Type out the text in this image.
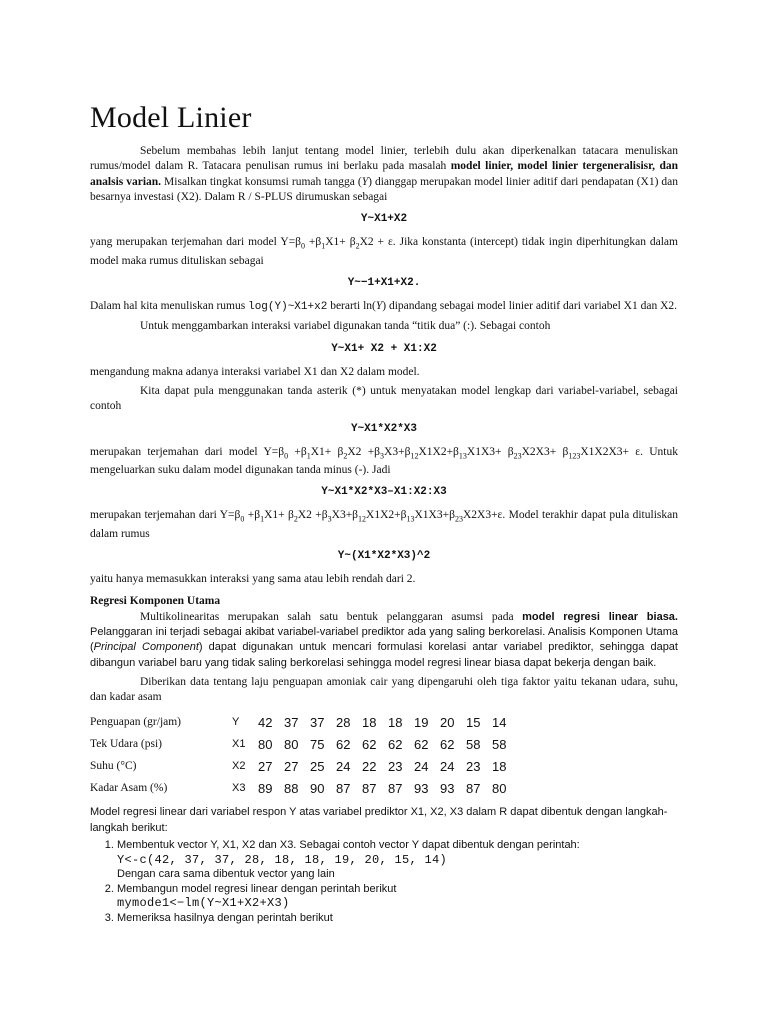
Model Linier

Sebelum membahas lebih lanjut tentang model linier, terlebih dulu akan diperkenalkan tatacara menuliskan rumus/model dalam R. Tatacara penulisan rumus ini berlaku pada masalah model linier, model linier tergeneralisisr, dan analsis varian. Misalkan tingkat konsumsi rumah tangga (Y) dianggap merupakan model linier aditif dari pendapatan (X1) dan besarnya investasi (X2). Dalam R / S-PLUS dirumuskan sebagai

Y~X1+X2

yang merupakan terjemahan dari model $Y=\beta_0 +\beta_1X1+ \beta_2X2 + \varepsilon$. Jika konstanta (intercept) tidak ingin diperhitungkan dalam model maka rumus dituliskan sebagai

Y~−1+X1+X2.

Dalam hal kita menuliskan rumus log(Y)~X1+x2 berarti ln(Y) dipandang sebagai model linier aditif dari variabel X1 dan X2.

Untuk menggambarkan interaksi variabel digunakan tanda “titik dua” (:). Sebagai contoh

Y~X1+ X2 + X1:X2

mengandung makna adanya interaksi variabel X1 dan X2 dalam model.

Kita dapat pula menggunakan tanda asterik (*) untuk menyatakan model lengkap dari variabel-variabel, sebagai contoh

Y~X1*X2*X3

merupakan terjemahan dari model $Y=\beta_0 +\beta_1X1+ \beta_2X2 +\beta_3X3+\beta_{12}X1X2+\beta_{13}X1X3+ \beta_{23}X2X3+ \beta_{123}X1X2X3+ \varepsilon$. Untuk mengeluarkan suku dalam model digunakan tanda minus (-). Jadi

Y~X1*X2*X3–X1:X2:X3

merupakan terjemahan dari $Y=\beta_0 +\beta_1X1+ \beta_2X2 +\beta_3X3+\beta_{12}X1X2+\beta_{13}X1X3+\beta_{23}X2X3+\varepsilon$. Model terakhir dapat pula dituliskan dalam rumus

Y~(X1*X2*X3)^2

yaitu hanya memasukkan interaksi yang sama atau lebih rendah dari 2.

Regresi Komponen Utama

Multikolinearitas merupakan salah satu bentuk pelanggaran asumsi pada model regresi linear biasa. Pelanggaran ini terjadi sebagai akibat variabel-variabel prediktor ada yang saling berkorelasi. Analisis Komponen Utama (Principal Component) dapat digunakan untuk mencari formulasi korelasi antar variabel prediktor, sehingga dapat dibangun variabel baru yang tidak saling berkorelasi sehingga model regresi linear biasa dapat bekerja dengan baik.

Diberikan data tentang laju penguapan amoniak cair yang dipengaruhi oleh tiga faktor yaitu tekanan udara, suhu, dan kadar asam

Penguapan (gr/jam)	Y	42	37	37	28	18	18	19	20	15	14
Tek Udara (psi)	X1	80	80	75	62	62	62	62	62	58	58
Suhu (°C)	X2	27	27	25	24	22	23	24	24	23	18
Kadar Asam (%)	X3	89	88	90	87	87	87	93	93	87	80

Model regresi linear dari variabel respon Y atas variabel prediktor X1, X2, X3 dalam R dapat dibentuk dengan langkah-langkah berikut:

1. Membentuk vector Y, X1, X2 dan X3. Sebagai contoh vector Y dapat dibentuk dengan perintah:
Y<-c(42, 37, 37, 28, 18, 18, 19, 20, 15, 14)
Dengan cara sama dibentuk vector yang lain
2. Membangun model regresi linear dengan perintah berikut
mymode1<−lm(Y~X1+X2+X3)
3. Memeriksa hasilnya dengan perintah berikut
